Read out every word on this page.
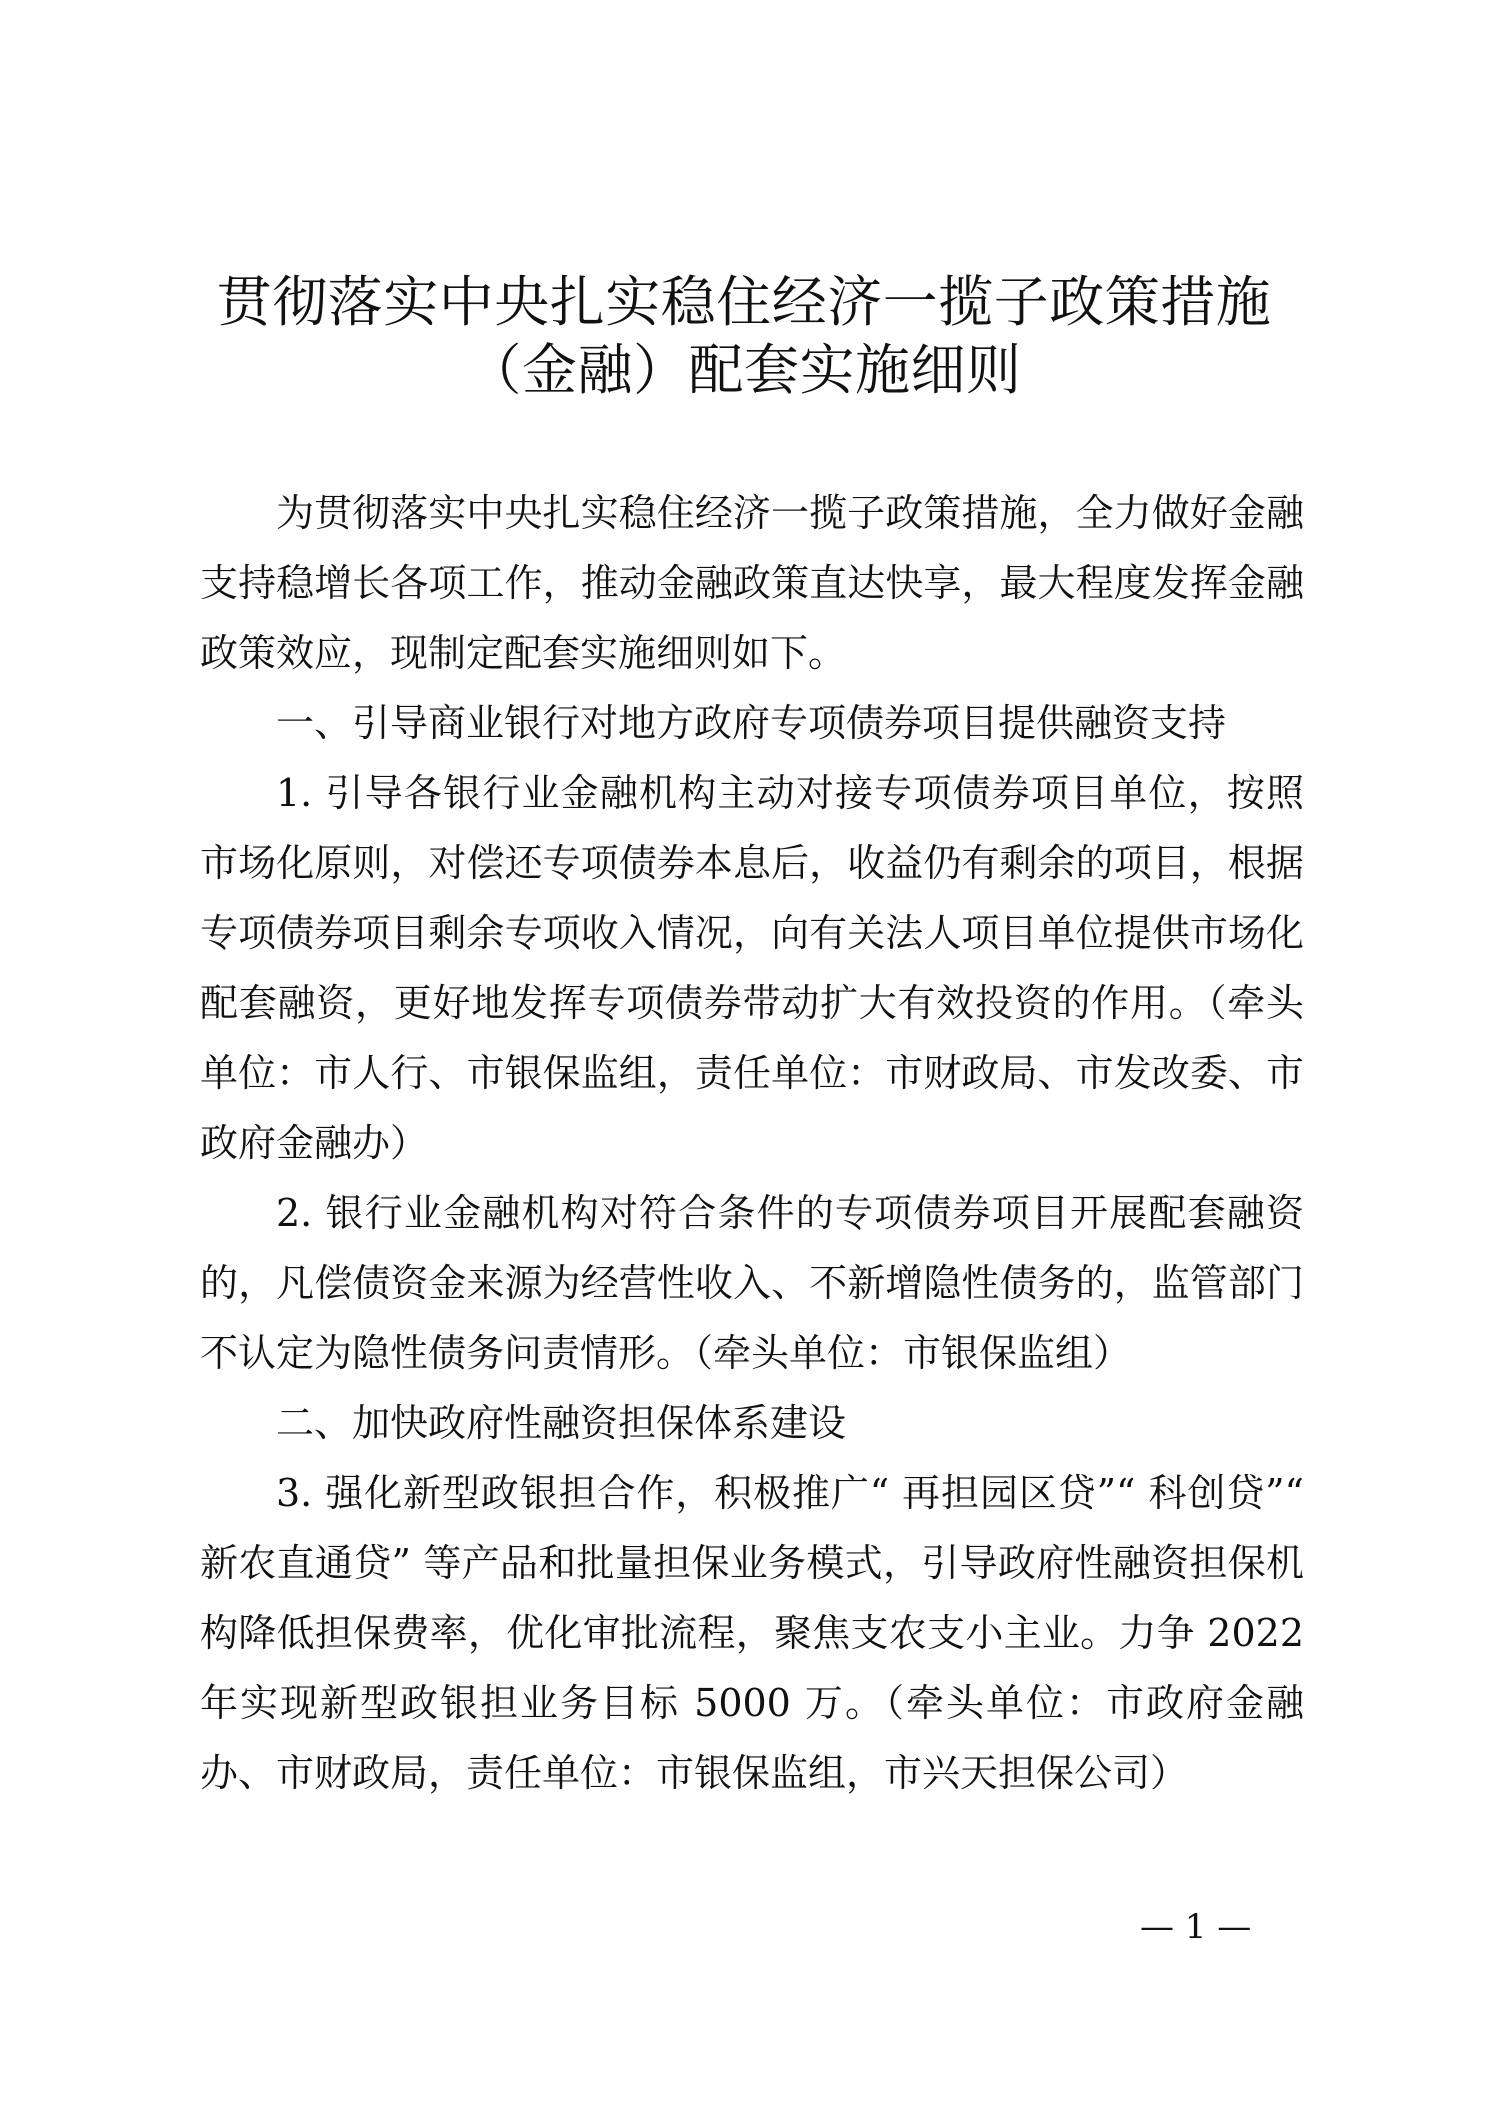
贯彻落实中央扎实稳住经济一揽子政策措施
（金融）配套实施细则

为贯彻落实中央扎实稳住经济一揽子政策措施，全力做好金融支持稳增长各项工作，推动金融政策直达快享，最大程度发挥金融政策效应，现制定配套实施细则如下。

一、引导商业银行对地方政府专项债券项目提供融资支持

1. 引导各银行业金融机构主动对接专项债券项目单位，按照市场化原则，对偿还专项债券本息后，收益仍有剩余的项目，根据专项债券项目剩余专项收入情况，向有关法人项目单位提供市场化配套融资，更好地发挥专项债券带动扩大有效投资的作用。（牵头单位：市人行、市银保监组，责任单位：市财政局、市发改委、市政府金融办）

2. 银行业金融机构对符合条件的专项债券项目开展配套融资的，凡偿债资金来源为经营性收入、不新增隐性债务的，监管部门不认定为隐性债务问责情形。（牵头单位：市银保监组）

二、加快政府性融资担保体系建设

3. 强化新型政银担合作，积极推广“ 再担园区贷”“ 科创贷”“ 新农直通贷” 等产品和批量担保业务模式，引导政府性融资担保机构降低担保费率，优化审批流程，聚焦支农支小主业。力争 2022 年实现新型政银担业务目标 5000 万。（牵头单位：市政府金融办、市财政局，责任单位：市银保监组，市兴天担保公司）

— 1 —
